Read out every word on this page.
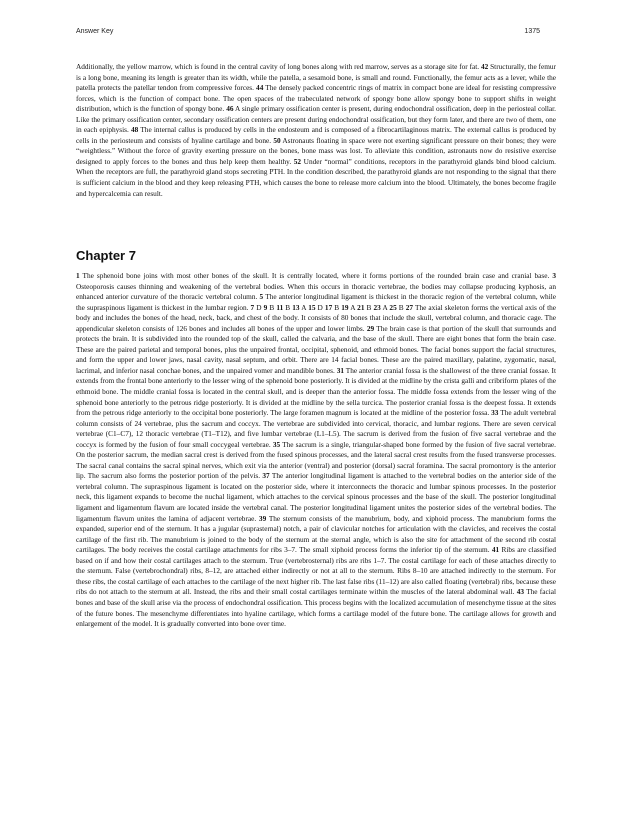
Answer Key	1375

Additionally, the yellow marrow, which is found in the central cavity of long bones along with red marrow, serves as a storage site for fat. 42 Structurally, the femur is a long bone, meaning its length is greater than its width, while the patella, a sesamoid bone, is small and round. Functionally, the femur acts as a lever, while the patella protects the patellar tendon from compressive forces. 44 The densely packed concentric rings of matrix in compact bone are ideal for resisting compressive forces, which is the function of compact bone. The open spaces of the trabeculated network of spongy bone allow spongy bone to support shifts in weight distribution, which is the function of spongy bone. 46 A single primary ossification center is present, during endochondral ossification, deep in the periosteal collar. Like the primary ossification center, secondary ossification centers are present during endochondral ossification, but they form later, and there are two of them, one in each epiphysis. 48 The internal callus is produced by cells in the endosteum and is composed of a fibrocartilaginous matrix. The external callus is produced by cells in the periosteum and consists of hyaline cartilage and bone. 50 Astronauts floating in space were not exerting significant pressure on their bones; they were “weightless.” Without the force of gravity exerting pressure on the bones, bone mass was lost. To alleviate this condition, astronauts now do resistive exercise designed to apply forces to the bones and thus help keep them healthy. 52 Under “normal” conditions, receptors in the parathyroid glands bind blood calcium. When the receptors are full, the parathyroid gland stops secreting PTH. In the condition described, the parathyroid glands are not responding to the signal that there is sufficient calcium in the blood and they keep releasing PTH, which causes the bone to release more calcium into the blood. Ultimately, the bones become fragile and hypercalcemia can result.

Chapter 7

1 The sphenoid bone joins with most other bones of the skull. It is centrally located, where it forms portions of the rounded brain case and cranial base. 3 Osteoporosis causes thinning and weakening of the vertebral bodies. When this occurs in thoracic vertebrae, the bodies may collapse producing kyphosis, an enhanced anterior curvature of the thoracic vertebral column. 5 The anterior longitudinal ligament is thickest in the thoracic region of the vertebral column, while the supraspinous ligament is thickest in the lumbar region. 7 D 9 B 11 B 13 A 15 D 17 B 19 A 21 B 23 A 25 B 27 The axial skeleton forms the vertical axis of the body and includes the bones of the head, neck, back, and chest of the body. It consists of 80 bones that include the skull, vertebral column, and thoracic cage. The appendicular skeleton consists of 126 bones and includes all bones of the upper and lower limbs. 29 The brain case is that portion of the skull that surrounds and protects the brain. It is subdivided into the rounded top of the skull, called the calvaria, and the base of the skull. There are eight bones that form the brain case. These are the paired parietal and temporal bones, plus the unpaired frontal, occipital, sphenoid, and ethmoid bones. The facial bones support the facial structures, and form the upper and lower jaws, nasal cavity, nasal septum, and orbit. There are 14 facial bones. These are the paired maxillary, palatine, zygomatic, nasal, lacrimal, and inferior nasal conchae bones, and the unpaired vomer and mandible bones. 31 The anterior cranial fossa is the shallowest of the three cranial fossae. It extends from the frontal bone anteriorly to the lesser wing of the sphenoid bone posteriorly. It is divided at the midline by the crista galli and cribriform plates of the ethmoid bone. The middle cranial fossa is located in the central skull, and is deeper than the anterior fossa. The middle fossa extends from the lesser wing of the sphenoid bone anteriorly to the petrous ridge posteriorly. It is divided at the midline by the sella turcica. The posterior cranial fossa is the deepest fossa. It extends from the petrous ridge anteriorly to the occipital bone posteriorly. The large foramen magnum is located at the midline of the posterior fossa. 33 The adult vertebral column consists of 24 vertebrae, plus the sacrum and coccyx. The vertebrae are subdivided into cervical, thoracic, and lumbar regions. There are seven cervical vertebrae (C1–C7), 12 thoracic vertebrae (T1–T12), and five lumbar vertebrae (L1–L5). The sacrum is derived from the fusion of five sacral vertebrae and the coccyx is formed by the fusion of four small coccygeal vertebrae. 35 The sacrum is a single, triangular-shaped bone formed by the fusion of five sacral vertebrae. On the posterior sacrum, the median sacral crest is derived from the fused spinous processes, and the lateral sacral crest results from the fused transverse processes. The sacral canal contains the sacral spinal nerves, which exit via the anterior (ventral) and posterior (dorsal) sacral foramina. The sacral promontory is the anterior lip. The sacrum also forms the posterior portion of the pelvis. 37 The anterior longitudinal ligament is attached to the vertebral bodies on the anterior side of the vertebral column. The supraspinous ligament is located on the posterior side, where it interconnects the thoracic and lumbar spinous processes. In the posterior neck, this ligament expands to become the nuchal ligament, which attaches to the cervical spinous processes and the base of the skull. The posterior longitudinal ligament and ligamentum flavum are located inside the vertebral canal. The posterior longitudinal ligament unites the posterior sides of the vertebral bodies. The ligamentum flavum unites the lamina of adjacent vertebrae. 39 The sternum consists of the manubrium, body, and xiphoid process. The manubrium forms the expanded, superior end of the sternum. It has a jugular (suprasternal) notch, a pair of clavicular notches for articulation with the clavicles, and receives the costal cartilage of the first rib. The manubrium is joined to the body of the sternum at the sternal angle, which is also the site for attachment of the second rib costal cartilages. The body receives the costal cartilage attachments for ribs 3–7. The small xiphoid process forms the inferior tip of the sternum. 41 Ribs are classified based on if and how their costal cartilages attach to the sternum. True (vertebrosternal) ribs are ribs 1–7. The costal cartilage for each of these attaches directly to the sternum. False (vertebrochondral) ribs, 8–12, are attached either indirectly or not at all to the sternum. Ribs 8–10 are attached indirectly to the sternum. For these ribs, the costal cartilage of each attaches to the cartilage of the next higher rib. The last false ribs (11–12) are also called floating (vertebral) ribs, because these ribs do not attach to the sternum at all. Instead, the ribs and their small costal cartilages terminate within the muscles of the lateral abdominal wall. 43 The facial bones and base of the skull arise via the process of endochondral ossification. This process begins with the localized accumulation of mesenchyme tissue at the sites of the future bones. The mesenchyme differentiates into hyaline cartilage, which forms a cartilage model of the future bone. The cartilage allows for growth and enlargement of the model. It is gradually converted into bone over time.
